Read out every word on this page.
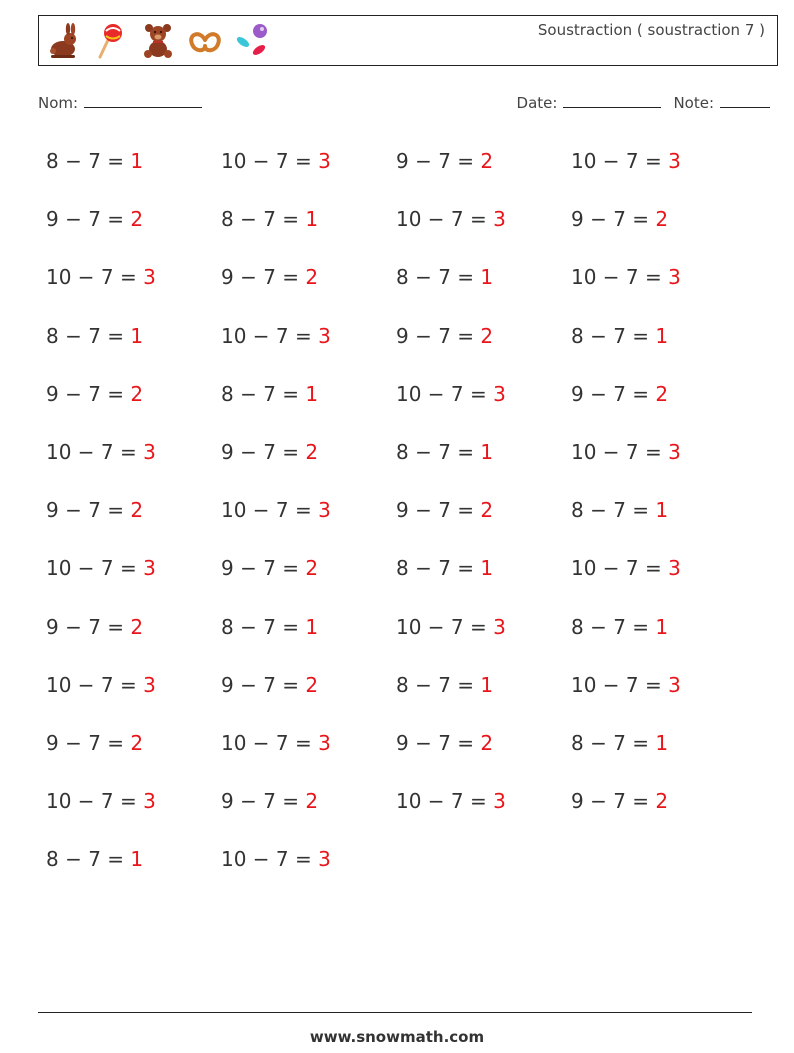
Soustraction ( soustraction 7 )
Nom:	Date:	Note:
8 − 7 = 1	10 − 7 = 3	9 − 7 = 2	10 − 7 = 3
9 − 7 = 2	8 − 7 = 1	10 − 7 = 3	9 − 7 = 2
10 − 7 = 3	9 − 7 = 2	8 − 7 = 1	10 − 7 = 3
8 − 7 = 1	10 − 7 = 3	9 − 7 = 2	8 − 7 = 1
9 − 7 = 2	8 − 7 = 1	10 − 7 = 3	9 − 7 = 2
10 − 7 = 3	9 − 7 = 2	8 − 7 = 1	10 − 7 = 3
9 − 7 = 2	10 − 7 = 3	9 − 7 = 2	8 − 7 = 1
10 − 7 = 3	9 − 7 = 2	8 − 7 = 1	10 − 7 = 3
9 − 7 = 2	8 − 7 = 1	10 − 7 = 3	8 − 7 = 1
10 − 7 = 3	9 − 7 = 2	8 − 7 = 1	10 − 7 = 3
9 − 7 = 2	10 − 7 = 3	9 − 7 = 2	8 − 7 = 1
10 − 7 = 3	9 − 7 = 2	10 − 7 = 3	9 − 7 = 2
8 − 7 = 1	10 − 7 = 3
www.snowmath.com
